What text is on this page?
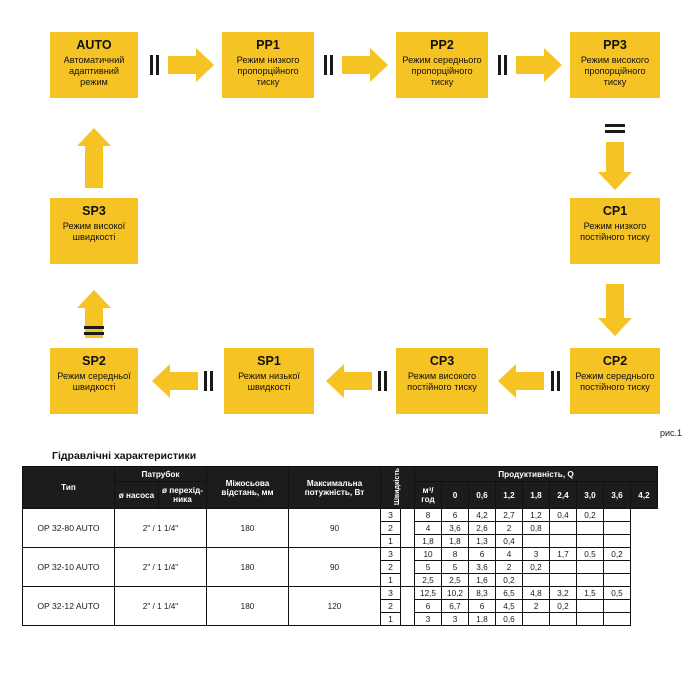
AUTO
Автоматичний адаптивний режим
PP1
Режим низкого пропорційного тиску
PP2
Режим середнього пропорційного тиску
PP3
Режим високого пропорційного тиску
CP1
Режим низкого постійного тиску
SP3
Режим високої швидкості
CP2
Режим середнього постійного тиску
CP3
Режим високого постійного тиску
SP1
Режим низької швидкості
SP2
Режим середньої швидкості
рис.1
Гідравлічні характеристики
Тип	Патрубок		Міжосьова відстань, мм	Максимальна потужність, Вт	Швидкість		Продуктивність, Q								
	ø насоса	ø перехід-ника					м³/год	0	0,6	1,2	1,8	2,4	3,0	3,6	4,2
OP 32-80 AUTO	2" / 1 1/4"		180	90	3	Напір, м	8	6	4,2	2,7	1,2	0,4	0,2		
					2		4	3,6	2,6	2	0,8				
					1		1,8	1,8	1,3	0,4					
OP 32-10 AUTO	2" / 1 1/4"		180	90	3	Напір, м	10	8	6	4	3	1,7	0,5	0,2	
					2		5	5	3,6	2	0,2				
					1		2,5	2,5	1,6	0,2					
OP 32-12 AUTO	2" / 1 1/4"		180	120	3	Напір, м	12,5	10,2	8,3	6,5	4,8	3,2	1,5	0,5	
					2		6	6,7	6	4,5	2	0,2			
					1		3	3	1,8	0,6					
